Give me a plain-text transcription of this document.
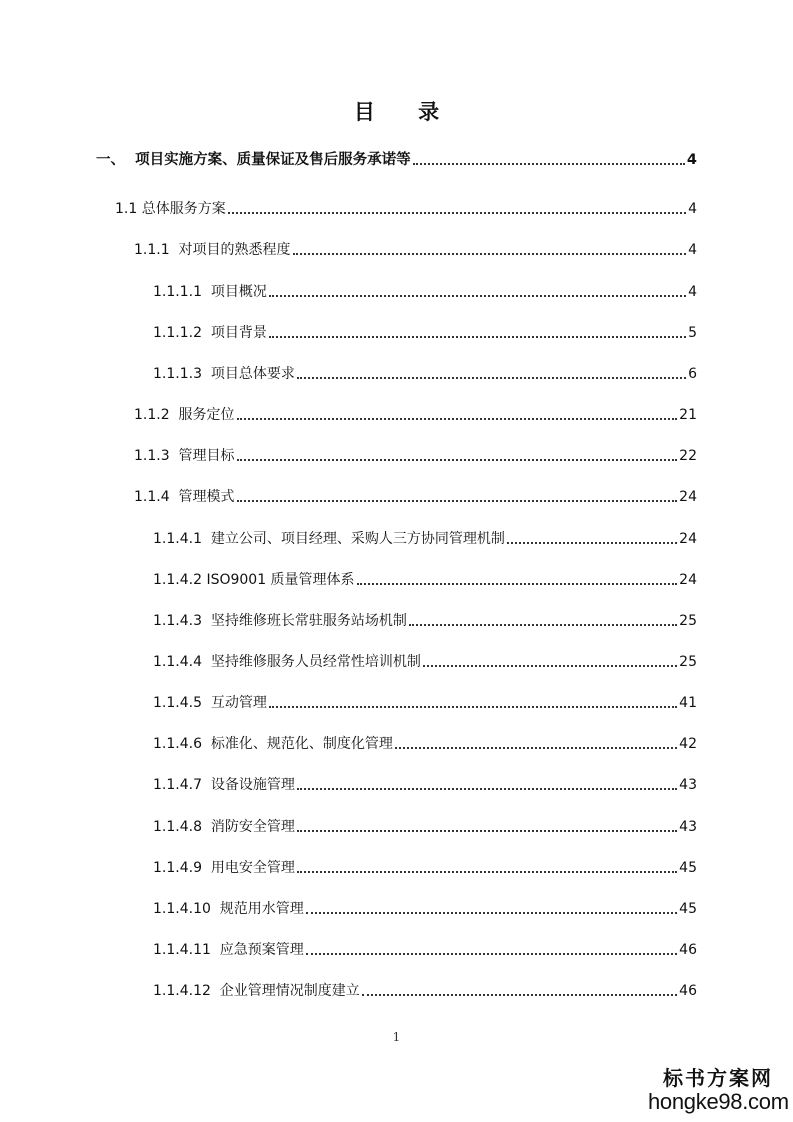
目 录
一、 项目实施方案、质量保证及售后服务承诺等	4
1.1 总体服务方案	4
1.1.1 对项目的熟悉程度	4
1.1.1.1 项目概况	4
1.1.1.2 项目背景	5
1.1.1.3 项目总体要求	6
1.1.2 服务定位	21
1.1.3 管理目标	22
1.1.4 管理模式	24
1.1.4.1 建立公司、项目经理、采购人三方协同管理机制	24
1.1.4.2 ISO9001 质量管理体系	24
1.1.4.3 坚持维修班长常驻服务站场机制	25
1.1.4.4 坚持维修服务人员经常性培训机制	25
1.1.4.5 互动管理	41
1.1.4.6 标准化、规范化、制度化管理	42
1.1.4.7 设备设施管理	43
1.1.4.8 消防安全管理	43
1.1.4.9 用电安全管理	45
1.1.4.10 规范用水管理	45
1.1.4.11 应急预案管理	46
1.1.4.12 企业管理情况制度建立	46
1
标书方案网
hongke98.com
